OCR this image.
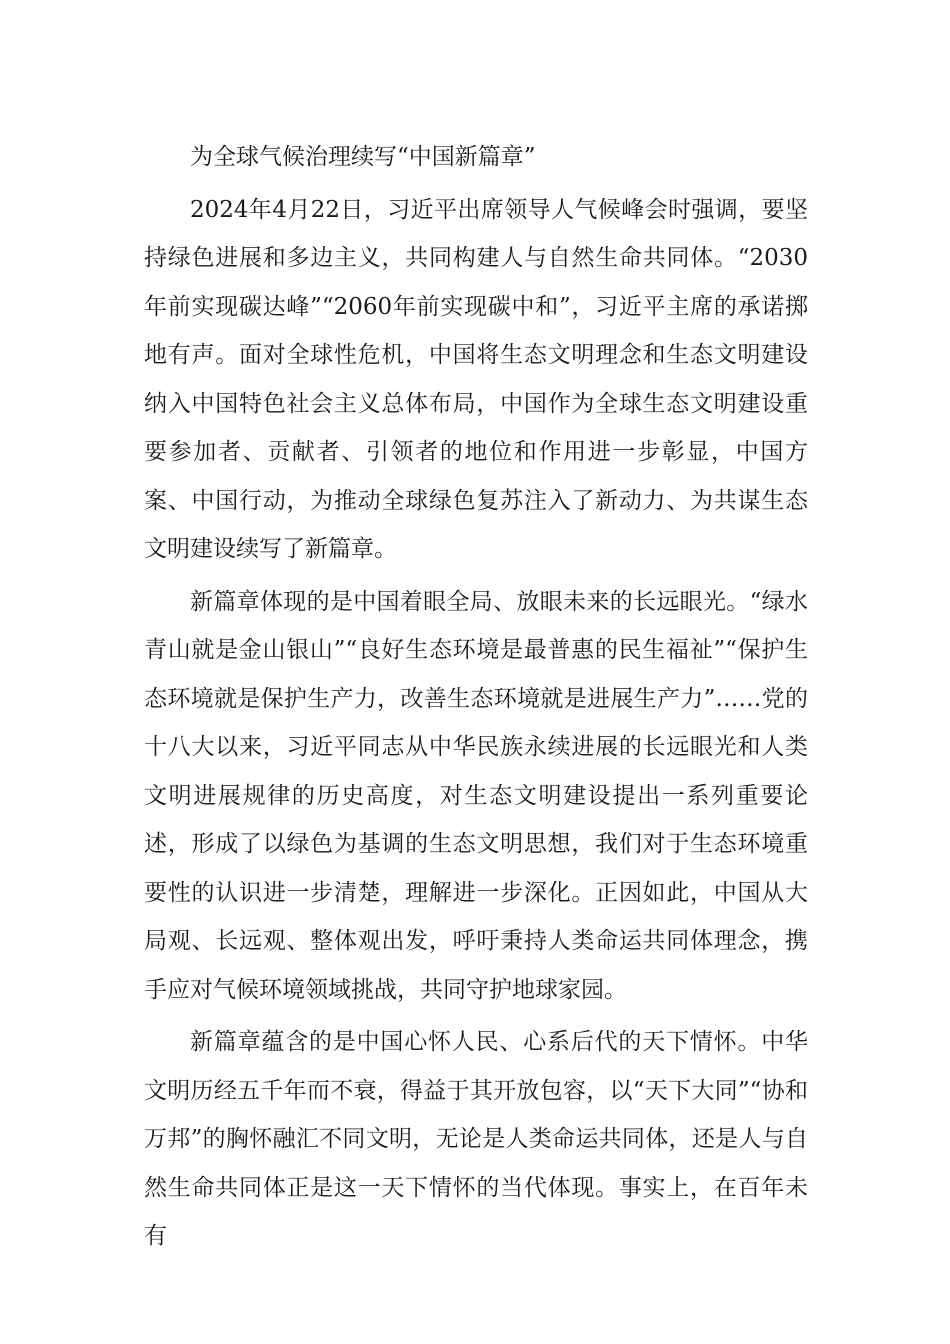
为全球气候治理续写“中国新篇章”

2024年4月22日，习近平出席领导人气候峰会时强调，要坚持绿色进展和多边主义，共同构建人与自然生命共同体。“2030年前实现碳达峰”“2060年前实现碳中和”，习近平主席的承诺掷地有声。面对全球性危机，中国将生态文明理念和生态文明建设纳入中国特色社会主义总体布局，中国作为全球生态文明建设重要参加者、贡献者、引领者的地位和作用进一步彰显，中国方案、中国行动，为推动全球绿色复苏注入了新动力、为共谋生态文明建设续写了新篇章。

新篇章体现的是中国着眼全局、放眼未来的长远眼光。“绿水青山就是金山银山”“良好生态环境是最普惠的民生福祉”“保护生态环境就是保护生产力，改善生态环境就是进展生产力”……党的十八大以来，习近平同志从中华民族永续进展的长远眼光和人类文明进展规律的历史高度，对生态文明建设提出一系列重要论述，形成了以绿色为基调的生态文明思想，我们对于生态环境重要性的认识进一步清楚，理解进一步深化。正因如此，中国从大局观、长远观、整体观出发，呼吁秉持人类命运共同体理念，携手应对气候环境领域挑战，共同守护地球家园。

新篇章蕴含的是中国心怀人民、心系后代的天下情怀。中华文明历经五千年而不衰，得益于其开放包容，以“天下大同”“协和万邦”的胸怀融汇不同文明，无论是人类命运共同体，还是人与自然生命共同体正是这一天下情怀的当代体现。事实上，在百年未有
